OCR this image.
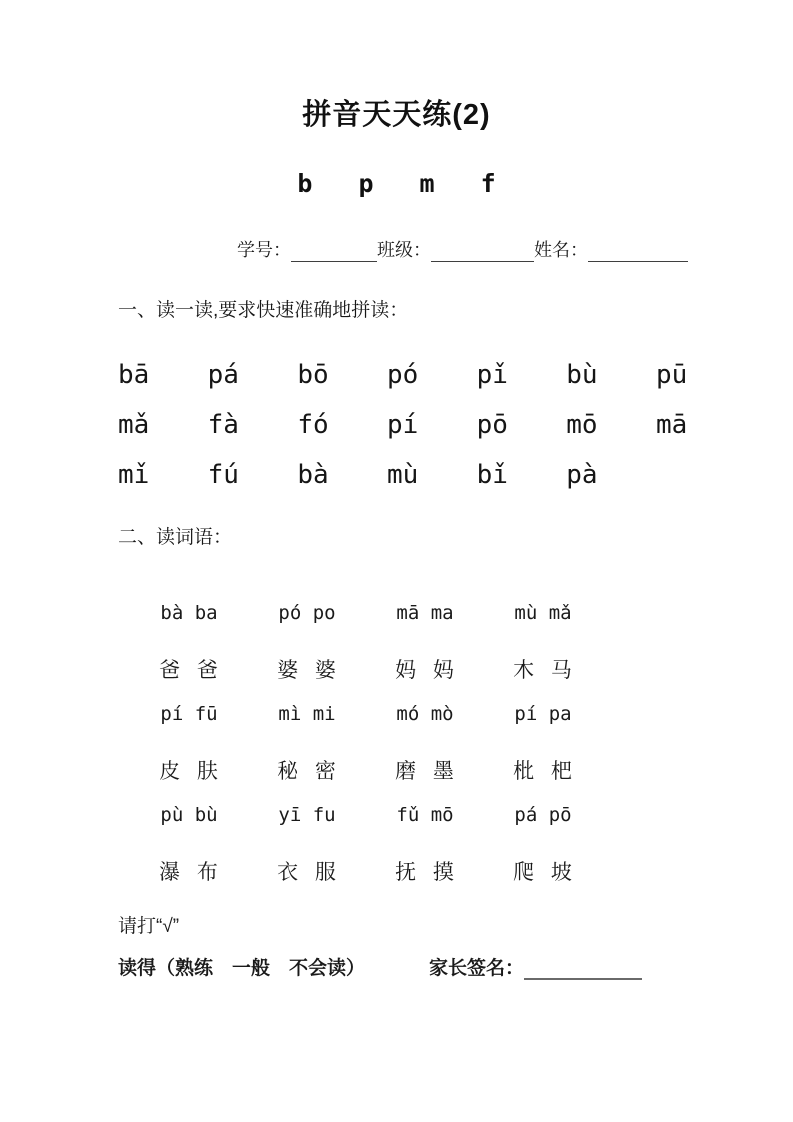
拼音天天练(2)
b p m f
学号：	班级：	姓名：
一、读一读,要求快速准确地拼读：
bā pá bō pó pǐ bù pū
mǎ fà fó pí pō mō mā
mǐ fú bà mù bǐ pà
二、读词语：
bà ba	pó po	mā ma	mù mǎ
爸 爸	婆 婆	妈 妈	木 马
pí fū	mì mi	mó mò	pí pa
皮 肤	秘 密	磨 墨	枇 杷
pù bù	yī fu	fǔ mō	pá pō
瀑 布	衣 服	抚 摸	爬 坡
请打“√”
读得（熟练　一般　不会读）	家长签名：
